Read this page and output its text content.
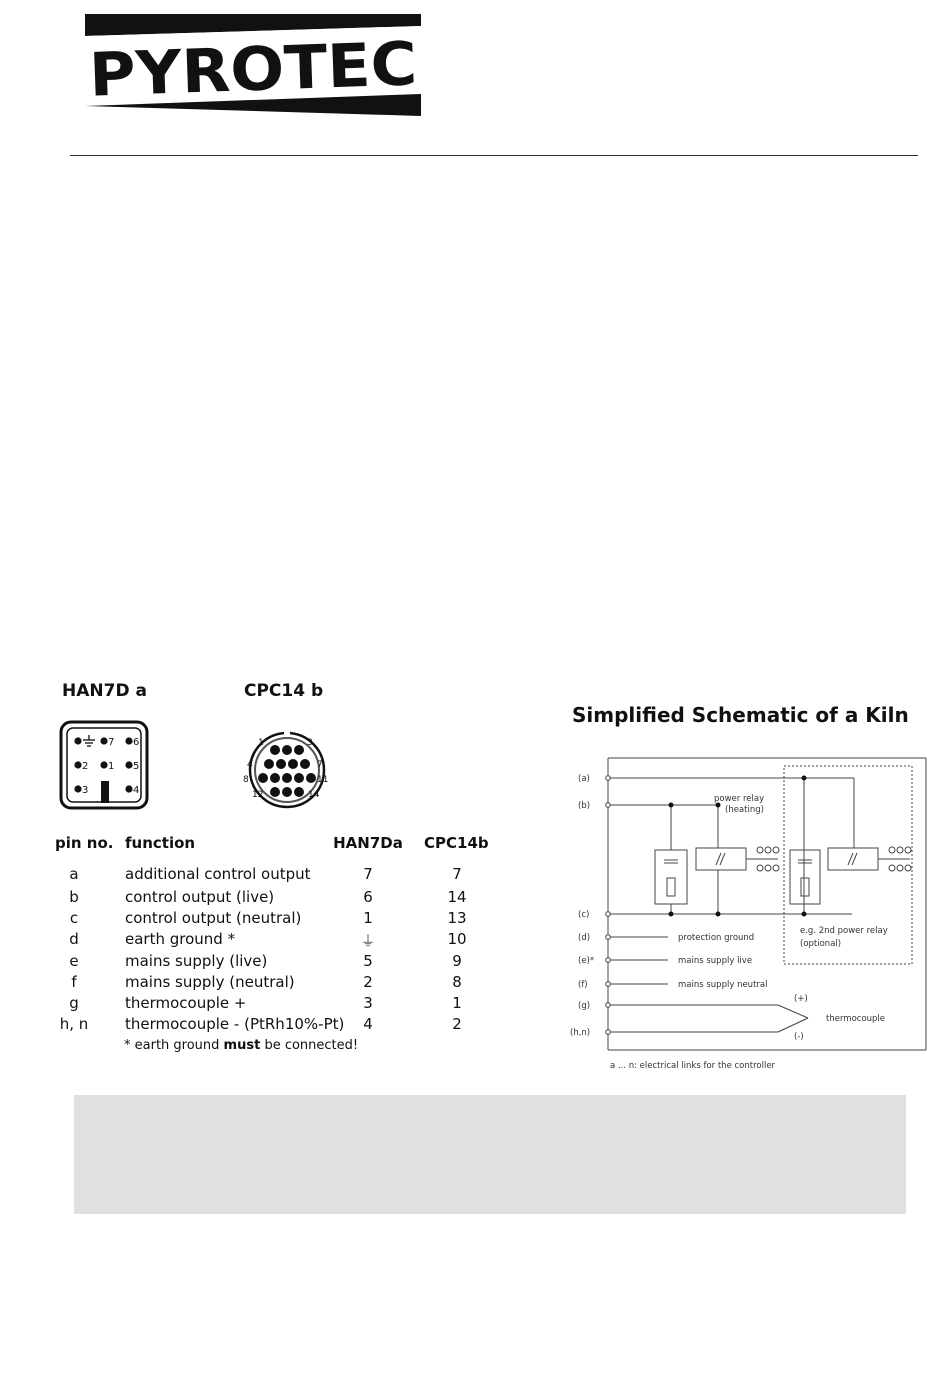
PYROTEC
HAN7D a	CPC14 b
7 6
2 1 5
3	4
1	3
4	7
8	11
12	14
pin no. function	HAN7Da CPC14b
a	additional control output	7	7
b	control output (live)	6	14
c	control output (neutral)	1	13
d	earth ground *	⏚	10
e	mains supply (live)	5	9
f	mains supply (neutral)	2	8
g	thermocouple +	3	1
h, n	thermocouple - (PtRh10%-Pt)	4	2
* earth ground must be connected!
Simplified Schematic of a Kiln
(a)
(b)
(c)
(d)
(e)*
(f)
(g)
(h,n)
power relay
(heating)
e.g. 2nd power relay
(optional)
protection ground
mains supply live
mains supply neutral
(+)
(-)
thermocouple
a ... n: electrical links for the controller
